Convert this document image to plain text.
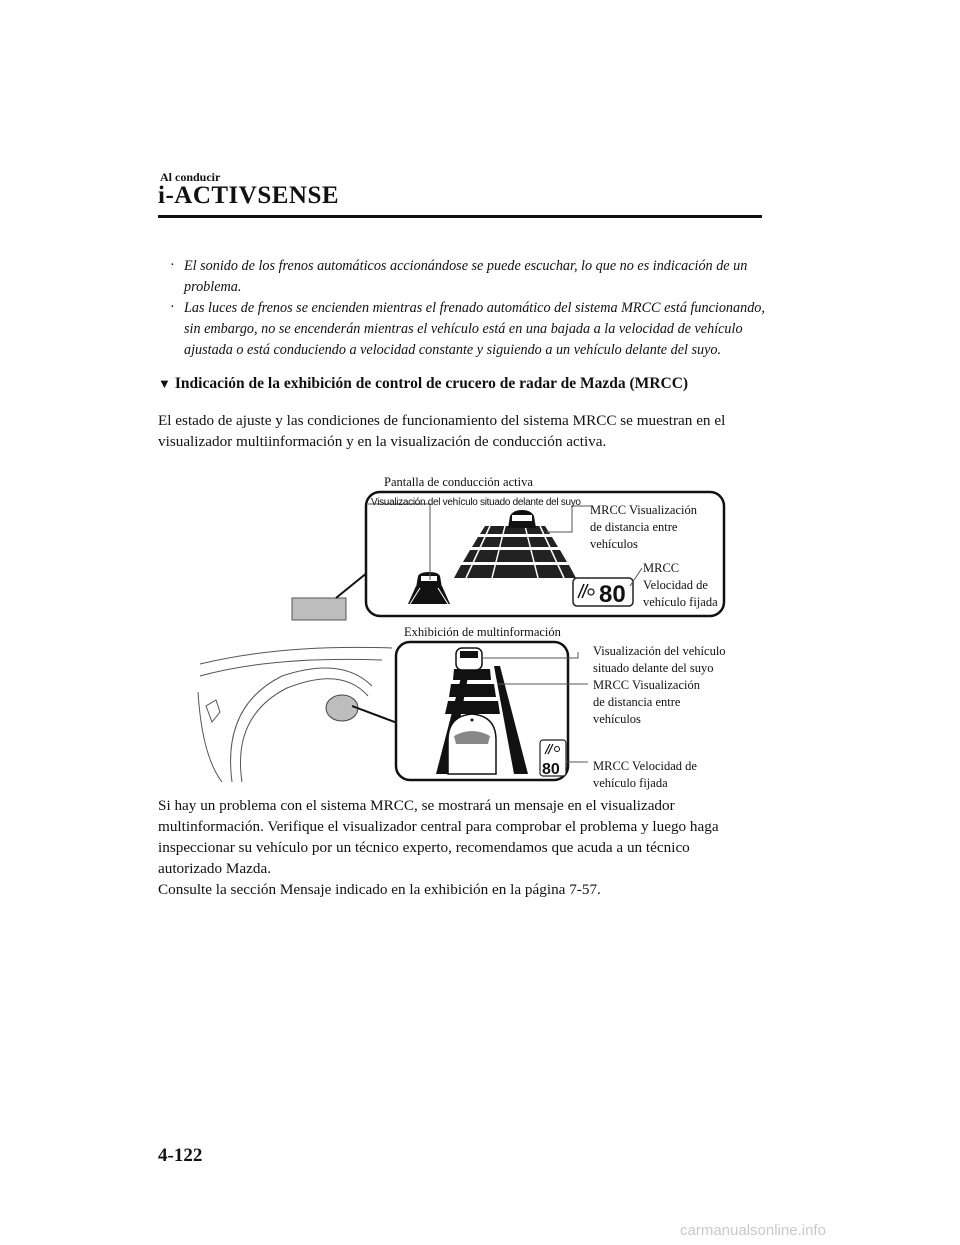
Al conducir
i-ACTIVSENSE
· El sonido de los frenos automáticos accionándose se puede escuchar, lo que no es indicación de un problema.
· Las luces de frenos se encienden mientras el frenado automático del sistema MRCC está funcionando, sin embargo, no se encenderán mientras el vehículo está en una bajada a la velocidad de vehículo ajustada o está conduciendo a velocidad constante y siguiendo a un vehículo delante del suyo.
▼ Indicación de la exhibición de control de crucero de radar de Mazda (MRCC)
El estado de ajuste y las condiciones de funcionamiento del sistema MRCC se muestran en el visualizador multiinformación y en la visualización de conducción activa.
Pantalla de conducción activa
80
Visualización del vehículo situado delante del suyo
MRCC Visualización
de distancia entre
vehículos
MRCC
Velocidad de
vehículo fijada
Exhibición de multinformación
80
Visualización del vehículo
situado delante del suyo
MRCC Visualización
de distancia entre
vehículos
MRCC Velocidad de
vehículo fijada
Si hay un problema con el sistema MRCC, se mostrará un mensaje en el visualizador
multinformación. Verifique el visualizador central para comprobar el problema y luego haga
inspeccionar su vehículo por un técnico experto, recomendamos que acuda a un técnico
autorizado Mazda.
Consulte la sección Mensaje indicado en la exhibición en la página 7-57.
4-122
carmanualsonline.info
